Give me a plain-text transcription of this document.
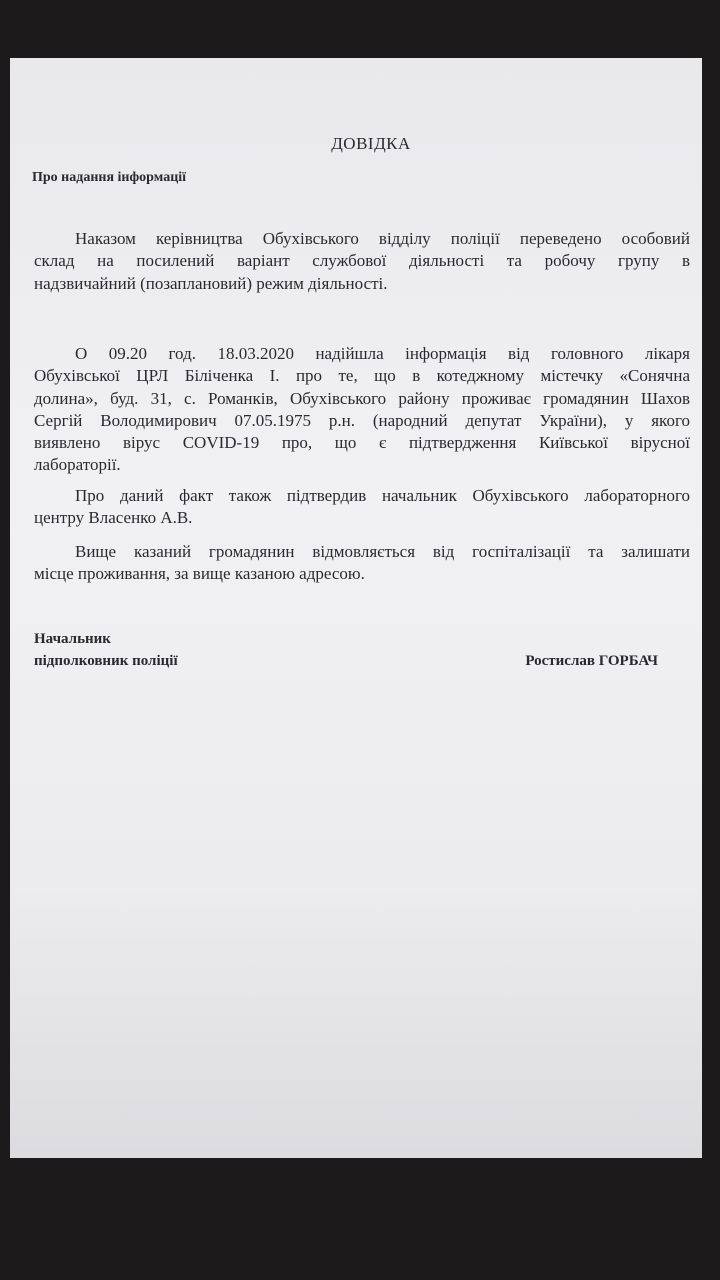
ДОВІДКА
Про надання інформації
Наказом керівництва Обухівського відділу поліції переведено особовий
склад на посилений варіант службової діяльності та робочу групу в
надзвичайний (позаплановий) режим діяльності.
О 09.20 год. 18.03.2020 надійшла інформація від головного лікаря
Обухівської ЦРЛ Біліченка І. про те, що в котеджному містечку «Сонячна
долина», буд. 31, с. Романків, Обухівського району проживає громадянин Шахов
Сергій Володимирович 07.05.1975 р.н. (народний депутат України), у якого
виявлено вірус COVID-19 про, що є підтвердження Київської вірусної
лабораторії.
Про даний факт також підтвердив начальник Обухівського лабораторного
центру Власенко А.В.
Вище казаний громадянин відмовляється від госпіталізації та залишати
місце проживання, за вище казаною адресою.
Начальник
підполковник поліції	Ростислав ГОРБАЧ
